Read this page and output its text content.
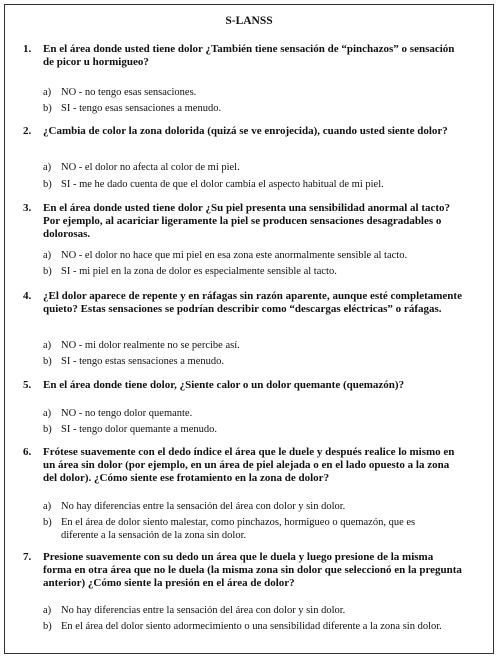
S-LANSS
1. En el área donde usted tiene dolor ¿También tiene sensación de “pinchazos” o sensación de picor u hormigueo?
a) NO - no tengo esas sensaciones.
b) SI - tengo esas sensaciones a menudo.
2. ¿Cambia de color la zona dolorida (quizá se ve enrojecida), cuando usted siente dolor?
a) NO - el dolor no afecta al color de mi piel.
b) SI - me he dado cuenta de que el dolor cambia el aspecto habitual de mi piel.
3. En el área donde usted tiene dolor ¿Su piel presenta una sensibilidad anormal al tacto? Por ejemplo, al acariciar ligeramente la piel se producen sensaciones desagradables o dolorosas.
a) NO - el dolor no hace que mi piel en esa zona este anormalmente sensible al tacto.
b) SI - mi piel en la zona de dolor es especialmente sensible al tacto.
4. ¿El dolor aparece de repente y en ráfagas sin razón aparente, aunque esté completamente quieto? Estas sensaciones se podrían describir como “descargas eléctricas” o ráfagas.
a) NO - mi dolor realmente no se percibe así.
b) SI - tengo estas sensaciones a menudo.
5. En el área donde tiene dolor, ¿Siente calor o un dolor quemante (quemazón)?
a) NO - no tengo dolor quemante.
b) SI - tengo dolor quemante a menudo.
6. Frótese suavemente con el dedo índice el área que le duele y después realice lo mismo en un área sin dolor (por ejemplo, en un área de piel alejada o en el lado opuesto a la zona del dolor). ¿Cómo siente ese frotamiento en la zona de dolor?
a) No hay diferencias entre la sensación del área con dolor y sin dolor.
b) En el área de dolor siento malestar, como pinchazos, hormigueo o quemazón, que es diferente a la sensación de la zona sin dolor.
7. Presione suavemente con su dedo un área que le duela y luego presione de la misma forma en otra área que no le duela (la misma zona sin dolor que seleccionó en la pregunta anterior) ¿Cómo siente la presión en el área de dolor?
a) No hay diferencias entre la sensación del área con dolor y sin dolor.
b) En el área del dolor siento adormecimiento o una sensibilidad diferente a la zona sin dolor.
